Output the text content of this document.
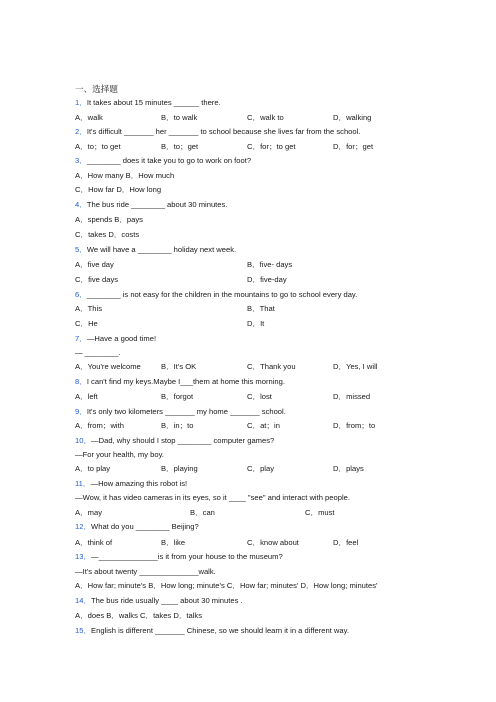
一、选择题
1．It takes about 15 minutes ______ there.
A．walk	B．to walk	C．walk to	D．walking
2．It's difficult _______ her _______ to school because she lives far from the school.
A．to；to get	B．to；get	C．for；to get	D．for；get
3．________ does it take you to go to work on foot?
A．How many B．How much
C．How far D．How long
4．The bus ride ________ about 30 minutes.
A．spends B．pays
C．takes D．costs
5．We will have a ________ holiday next week.
A．five day	B．five- days
C．five days	D．five-day
6．________ is not easy for the children in the mountains to go to school every day.
A．This	B．That
C．He	D．It
7．—Have a good time!
— ________.
A．You're welcome	B．It's OK	C．Thank you	D．Yes, I will
8．I can't find my keys.Maybe I___them at home this morning.
A．left	B．forgot	C．lost	D．missed
9．It's only two kilometers _______ my home _______ school.
A．from；with	B．in；to	C．at；in	D．from；to
10．—Dad, why should I stop ________ computer games?
—For your health, my boy.
A．to play	B．playing	C．play	D．plays
11．—How amazing this robot is!
—Wow, it has video cameras in its eyes, so it ____ "see" and interact with people.
A．may	B．can	C．must
12．What do you ________ Beijing?
A．think of	B．like	C．know about	D．feel
13．—______________is it from your house to the museum?
—It's about twenty ______________walk.
A．How far; minute's B．How long; minute's C．How far; minutes' D．How long; minutes'
14．The bus ride usually ____ about 30 minutes .
A．does B．walks C．takes D．talks
15．English is different _______ Chinese, so we should learn it in a different way.
